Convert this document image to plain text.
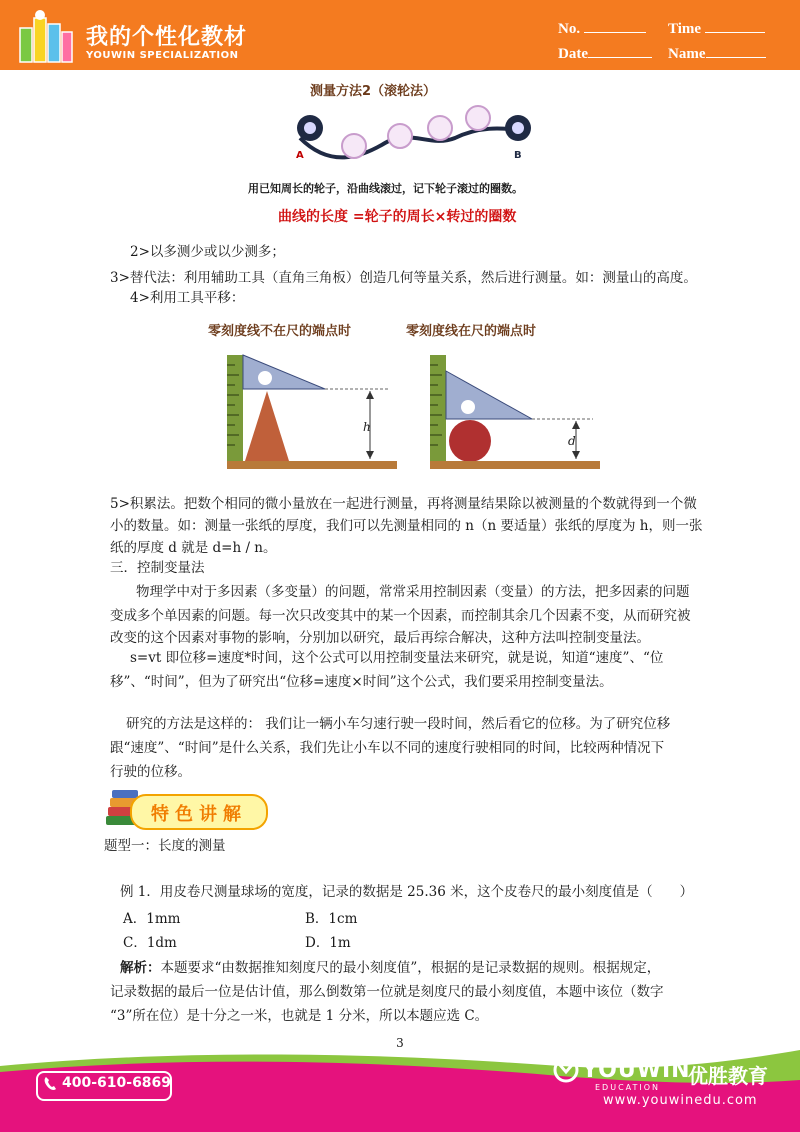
我的个性化教材
YOUWIN SPECIALIZATION
No.	Time
Date	Name
测量方法2（滚轮法）
A	B
用已知周长的轮子，沿曲线滚过，记下轮子滚过的圈数。
曲线的长度 =轮子的周长×转过的圈数
2>以多测少或以少测多；
3>替代法：利用辅助工具（直角三角板）创造几何等量关系，然后进行测量。如：测量山的高度。
4>利用工具平移：
零刻度线不在尺的端点时	零刻度线在尺的端点时
h
d
5>积累法。把数个相同的微小量放在一起进行测量，再将测量结果除以被测量的个数就得到一个微
小的数量。如：测量一张纸的厚度，我们可以先测量相同的 n（n 要适量）张纸的厚度为 h，则一张
纸的厚度 d 就是 d=h / n。
三．控制变量法
物理学中对于多因素（多变量）的问题，常常采用控制因素（变量）的方法，把多因素的问题
变成多个单因素的问题。每一次只改变其中的某一个因素，而控制其余几个因素不变，从而研究被
改变的这个因素对事物的影响，分别加以研究，最后再综合解决，这种方法叫控制变量法。
s=vt 即位移=速度*时间，这个公式可以用控制变量法来研究，就是说，知道“速度”、“位
移”、“时间”，但为了研究出“位移=速度×时间”这个公式，我们要采用控制变量法。
研究的方法是这样的： 我们让一辆小车匀速行驶一段时间，然后看它的位移。为了研究位移
跟“速度”、“时间”是什么关系，我们先让小车以不同的速度行驶相同的时间，比较两种情况下
行驶的位移。
特色讲解
题型一：长度的测量
例 1．用皮卷尺测量球场的宽度，记录的数据是 25.36 米，这个皮卷尺的最小刻度值是（　　）
A．1mm	B．1cm
C．1dm	D．1m
解析：本题要求“由数据推知刻度尺的最小刻度值”，根据的是记录数据的规则。根据规定，
记录数据的最后一位是估计值，那么倒数第一位就是刻度尺的最小刻度值，本题中该位（数字
“3”所在位）是十分之一米，也就是 1 分米，所以本题应选 C。
3
400-610-6869	YOUWIN
EDUCATION 优胜教育
www.youwinedu.com
